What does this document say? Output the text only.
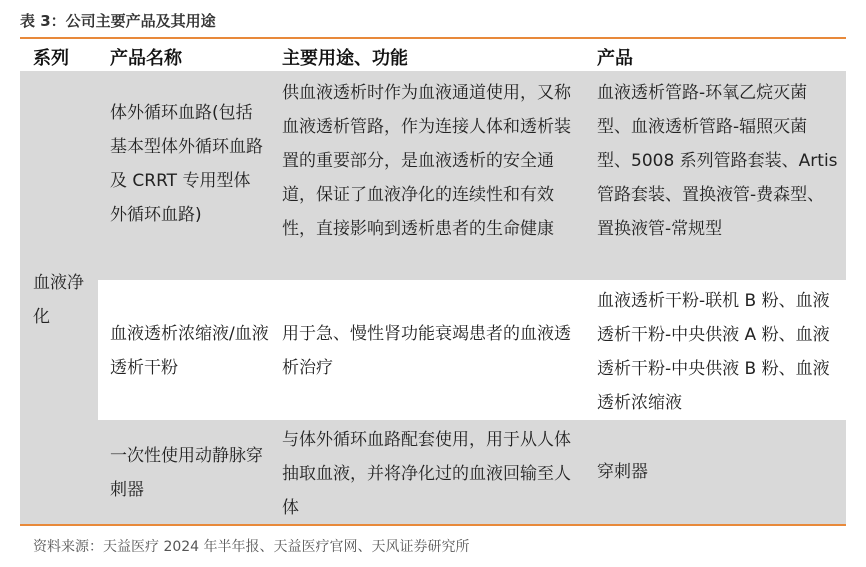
表 3：公司主要产品及其用途
系列 产品名称	主要用途、功能	产品
血液净化
体外循环血路(包括基本型体外循环血路及 CRRT 专用型体外循环血路)
供血液透析时作为血液通道使用，又称血液透析管路，作为连接人体和透析装置的重要部分，是血液透析的安全通道，保证了血液净化的连续性和有效性，直接影响到透析患者的生命健康
血液透析管路-环氧乙烷灭菌型、血液透析管路-辐照灭菌型、5008 系列管路套装、Artis 管路套装、置换液管-费森型、置换液管-常规型
血液透析浓缩液/血液透析干粉
用于急、慢性肾功能衰竭患者的血液透析治疗
血液透析干粉-联机 B 粉、血液透析干粉-中央供液 A 粉、血液透析干粉-中央供液 B 粉、血液透析浓缩液
一次性使用动静脉穿刺器
与体外循环血路配套使用，用于从人体抽取血液，并将净化过的血液回输至人体
穿刺器
资料来源：天益医疗 2024 年半年报、天益医疗官网、天风证券研究所
